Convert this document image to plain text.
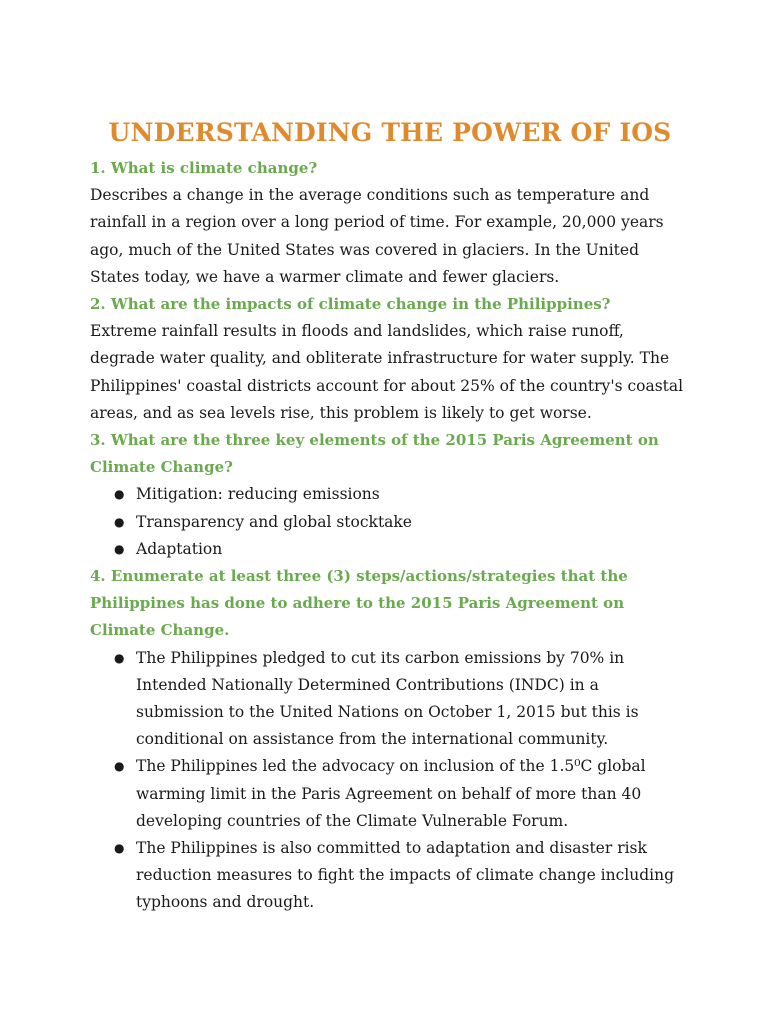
UNDERSTANDING THE POWER OF IOS

1. What is climate change?

Describes a change in the average conditions such as temperature and rainfall in a region over a long period of time. For example, 20,000 years ago, much of the United States was covered in glaciers. In the United States today, we have a warmer climate and fewer glaciers.

2. What are the impacts of climate change in the Philippines?

Extreme rainfall results in floods and landslides, which raise runoff, degrade water quality, and obliterate infrastructure for water supply. The Philippines' coastal districts account for about 25% of the country's coastal areas, and as sea levels rise, this problem is likely to get worse.

3. What are the three key elements of the 2015 Paris Agreement on Climate Change?

● Mitigation: reducing emissions
● Transparency and global stocktake
● Adaptation

4. Enumerate at least three (3) steps/actions/strategies that the Philippines has done to adhere to the 2015 Paris Agreement on Climate Change.

● The Philippines pledged to cut its carbon emissions by 70% in Intended Nationally Determined Contributions (INDC) in a submission to the United Nations on October 1, 2015 but this is conditional on assistance from the international community.
● The Philippines led the advocacy on inclusion of the 1.5⁰C global warming limit in the Paris Agreement on behalf of more than 40 developing countries of the Climate Vulnerable Forum.
● The Philippines is also committed to adaptation and disaster risk reduction measures to fight the impacts of climate change including typhoons and drought.
